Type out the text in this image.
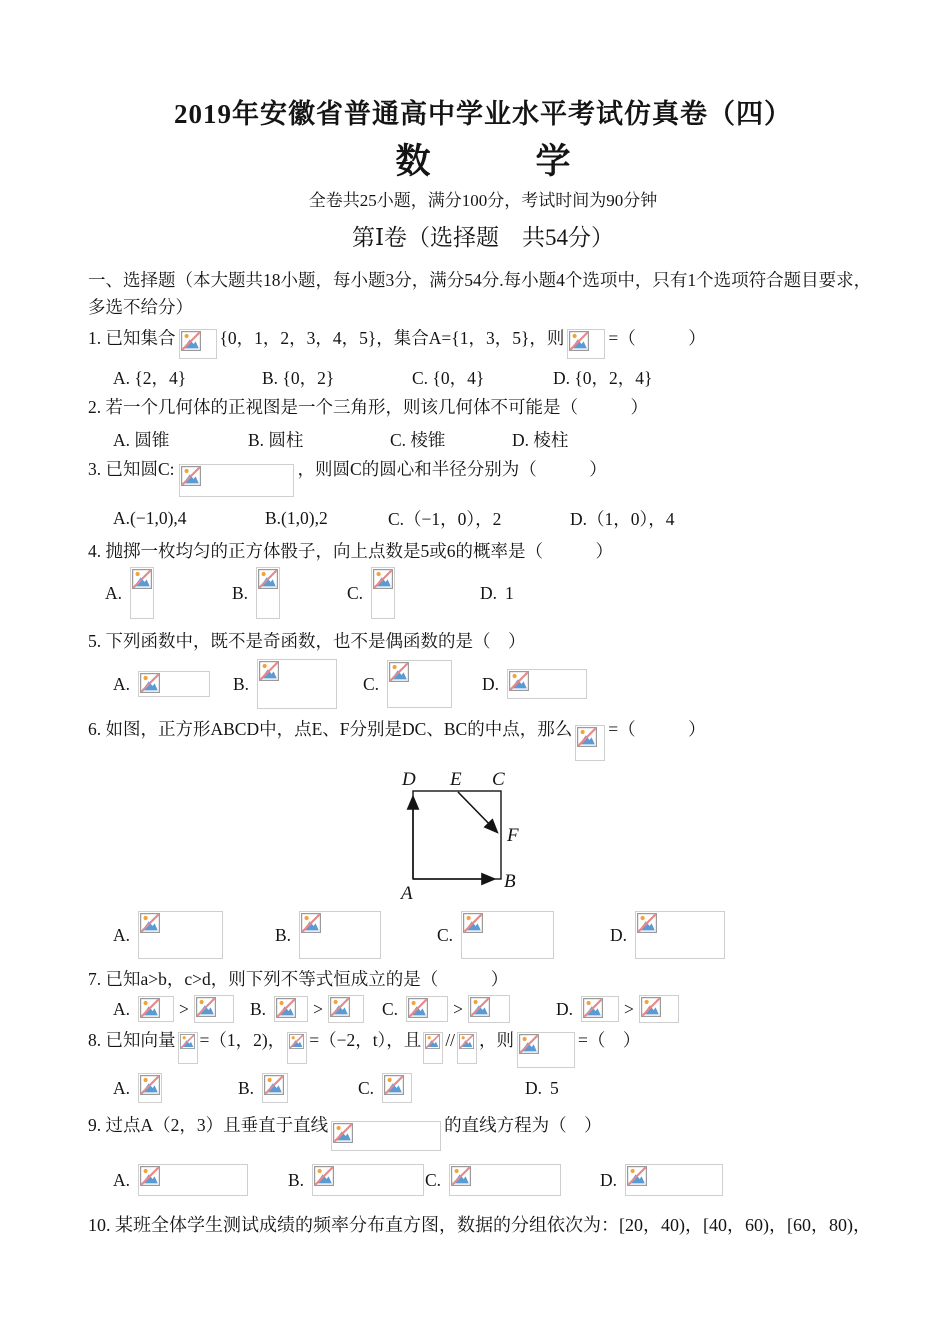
2019年安徽省普通高中学业水平考试仿真卷（四）
数　　　学
全卷共25小题，满分100分，考试时间为90分钟
第Ⅰ卷（选择题　共54分）

一、选择题（本大题共18小题，每小题3分，满分54分.每小题4个选项中，只有1个选项符合题目要求，多选不给分）

1. 已知集合	{0，1，2，3，4，5}，集合A={1，3，5}，则	=（　　　）
A. {2，4}	B. {0，2}	C. {0，4}	D. {0，2，4}
2. 若一个几何体的正视图是一个三角形，则该几何体不可能是（　　　）
A. 圆锥	B. 圆柱	C. 棱锥	D. 棱柱
3. 已知圆C:	，则圆C的圆心和半径分别为（　　　）
A.(−1,0),4	B.(1,0),2	C.（−1，0），2	D.（1，0），4
4. 抛掷一枚均匀的正方体骰子，向上点数是5或6的概率是（　　　）
A.	B.	C.	D. 1
5. 下列函数中，既不是奇函数，也不是偶函数的是（　）
A.	B.	C.	D.
6. 如图，正方形ABCD中，点E、F分别是DC、BC的中点，那么 =（　　　）
D E C
F
A
B
A.	B.	C.	D.
7. 已知a>b，c>d，则下列不等式恒成立的是（　　　）
A.	>	B.	>	C.	>	D.	>
8. 已知向量 =（1，2)， =（−2，t），且 // ，则	=（　）
A.	B.	C.	D. 5
9. 过点A（2，3）且垂直于直线	的直线方程为（　）
A.	B.	C.	D.
10. 某班全体学生测试成绩的频率分布直方图，数据的分组依次为：[20，40)，[40，60)，[60，80)，
